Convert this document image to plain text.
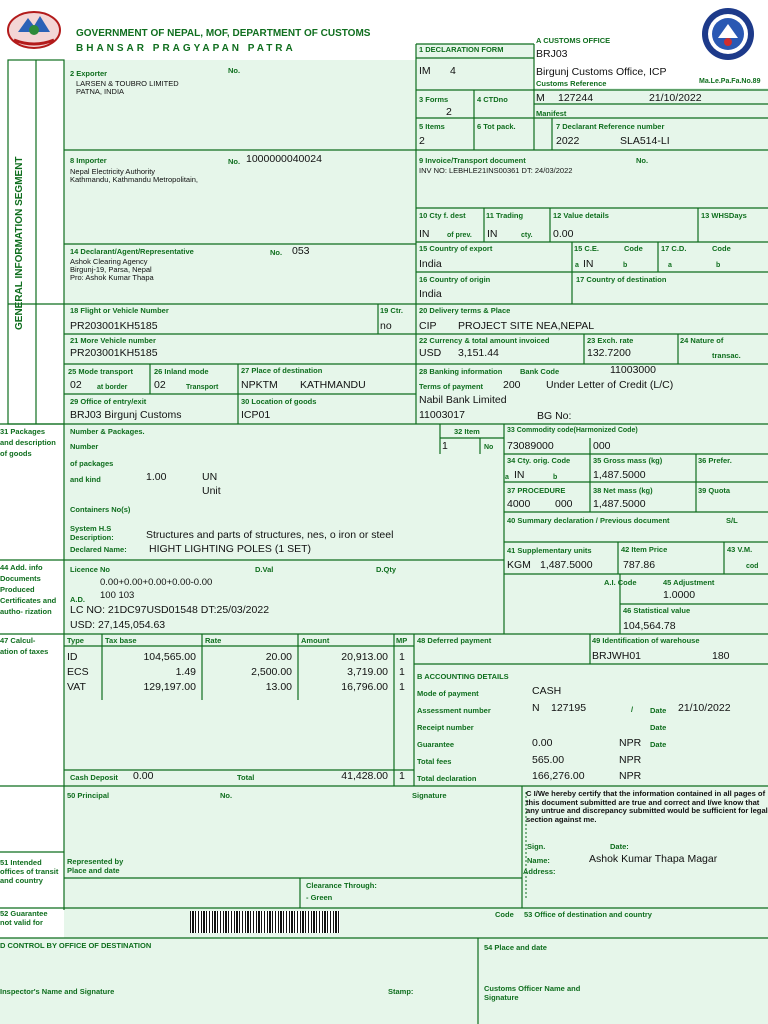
GOVERNMENT OF NEPAL, MOF, DEPARTMENT OF CUSTOMS
BHANSAR PRAGYAPAN PATRA
GENERAL INFORMATION SEGMENT
1 DECLARATION FORM
IM 4
A CUSTOMS OFFICE
BRJ03
Birgunj Customs Office, ICP
Customs Reference	Ma.Le.Pa.Fa.No.89
M 127244	21/10/2022
Manifest
2 Exporter	No.
LARSEN & TOUBRO LIMITED
PATNA, INDIA
3 Forms
2
4 CTDno
5 Items
2
6 Tot pack.
2022
7 Declarant Reference number
SLA514-LI
8 Importer	No. 1000000040024
Nepal Electricity Authority
Kathmandu, Kathmandu Metropolitain,
9 Invoice/Transport document	No.
INV NO: LEBHLE21INS00361 DT: 24/03/2022
10 Cty f. dest
IN	of prev.
11 Trading
IN	cty.
12 Value details
0.00
13 WHSDays
14 Declarant/Agent/Representative	No. 053
Ashok Clearing Agency
Birgunj-19, Parsa, Nepal
Pro: Ashok Kumar Thapa
15 Country of export
India
15 C.E.	Code
a IN	b
17 C.D.	Code
a	b
16 Country of origin
India
17 Country of destination
18 Flight or Vehicle Number
PR203001KH5185
19 Ctr.
no
20 Delivery terms & Place
CIP PROJECT SITE NEA,NEPAL
21 More Vehicle number
PR203001KH5185
22 Currency & total amount invoiced
USD 3,151.44
23 Exch. rate
132.7200
24 Nature of
transac.
25 Mode transport
02 at border
26 Inland mode
02	Transport
27 Place of destination
NPKTM KATHMANDU
28 Banking information Bank Code	11003000
Terms of payment 200 Under Letter of Credit (L/C)
Nabil Bank Limited
11003017	BG No:
29 Office of entry/exit
BRJ03 Birgunj Customs
30 Location of goods
ICP01
31 Packages and description of goods
Number & Packages.
Number
of packages
and kind	1.00	UN
Unit
Containers No(s)
System H.S
Description:	Structures and parts of structures, nes, o iron or steel
Declared Name: HIGHT LIGHTING POLES (1 SET)
32 Item
1	No
33 Commodity code(Harmonized Code)
73089000	000
34 Cty. orig. Code
a IN	b
35 Gross mass (kg)
1,487.5000
36 Prefer.
37 PROCEDURE
4000 000
38 Net mass (kg)
1,487.5000
39 Quota
40 Summary declaration / Previous document	S/L
41 Supplementary units
KGM 1,487.5000
42 Item Price
787.86
43 V.M.
cod
44 Add. info Documents Produced Certificates and autho- rization
Licence No	D.Val	D.Qty
0.00+0.00+0.00+0.00-0.00
A.D. 100 103
LC NO: 21DC97USD01548 DT:25/03/2022
USD: 27,145,054.63
A.I. Code	45 Adjustment
1.0000
46 Statistical value
104,564.78
47 Calcul- ation of taxes
Type	Tax base	Rate	Amount	MP
ID	104,565.00	20.00	20,913.00 1
ECS	1.49	2,500.00	3,719.00 1
VAT	129,197.00	13.00	16,796.00 1
Cash Deposit 0.00	Total	41,428.00 1
48 Deferred payment	49 Identification of warehouse
BRJWH01	180
B ACCOUNTING DETAILS
Mode of payment	CASH
Assessment number	N 127195	/ Date 21/10/2022
Receipt number	Date
Guarantee	0.00	NPR Date
Total fees	565.00	NPR
Total declaration	166,276.00	NPR
50 Principal	No.	Signature
Represented by
Place and date
C I/We hereby certify that the information contained in all pages of this document submitted are true and correct and I/we know that any untrue and discrepancy submitted would be sufficient for legal section against me.
Sign.	Date:
Name:	Ashok Kumar Thapa Magar
Address:
51 Intended offices of transit and country
Clearance Through:
- Green
52 Guarantee not valid for
Code 53 Office of destination and country
D CONTROL BY OFFICE OF DESTINATION
Inspector's Name and Signature	Stamp:
54 Place and date
Customs Officer Name and
Signature
